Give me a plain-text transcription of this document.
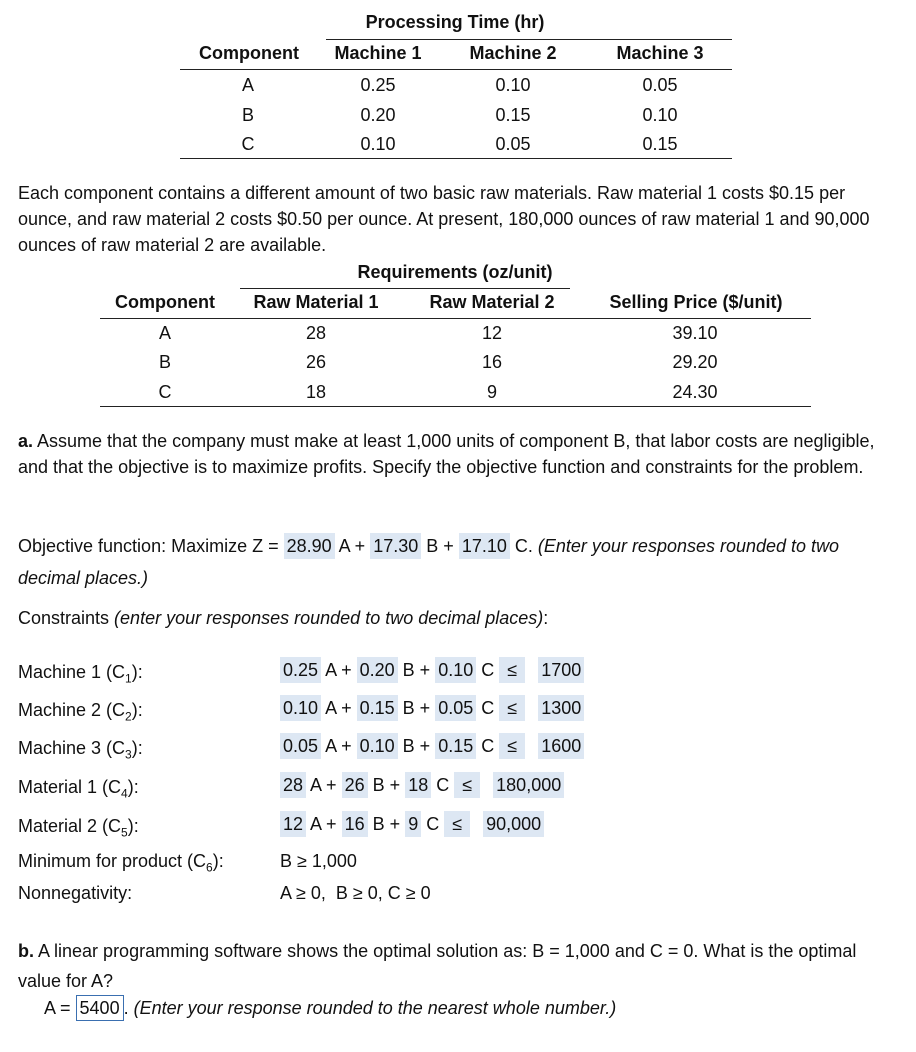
Processing Time (hr)
Component	Machine 1	Machine 2	Machine 3
A	0.25	0.10	0.05
B	0.20	0.15	0.10
C	0.10	0.05	0.15
Each component contains a different amount of two basic raw materials. Raw material 1 costs $0.15 per ounce, and raw material 2 costs $0.50 per ounce. At present, 180,000 ounces of raw material 1 and 90,000 ounces of raw material 2 are available.
Requirements (oz/unit)
Component	Raw Material 1	Raw Material 2	Selling Price ($/unit)
A	28	12	39.10
B	26	16	29.20
C	18	9	24.30
a. Assume that the company must make at least 1,000 units of component B, that labor costs are negligible, and that the objective is to maximize profits. Specify the objective function and constraints for the problem.
Objective function: Maximize Z = 28.90 A + 17.30 B + 17.10 C. (Enter your responses rounded to two decimal places.)
Constraints (enter your responses rounded to two decimal places):
Machine 1 $(C_1)$:	0.25 A + 0.20 B + 0.10 C ≤ 1700
Machine 2 $(C_2)$:	0.10 A + 0.15 B + 0.05 C ≤ 1300
Machine 3 $(C_3)$:	0.05 A + 0.10 B + 0.15 C ≤ 1600
Material 1 $(C_4)$:	28 A + 26 B + 18 C ≤ 180,000
Material 2 $(C_5)$:	12 A + 16 B + 9 C ≤ 90,000
Minimum for product $(C_6)$:	B ≥ 1,000
Nonnegativity:	A ≥ 0,  B ≥ 0, C ≥ 0
b. A linear programming software shows the optimal solution as: B = 1,000 and C = 0. What is the optimal value for A?
A = 5400 . (Enter your response rounded to the nearest whole number.)
